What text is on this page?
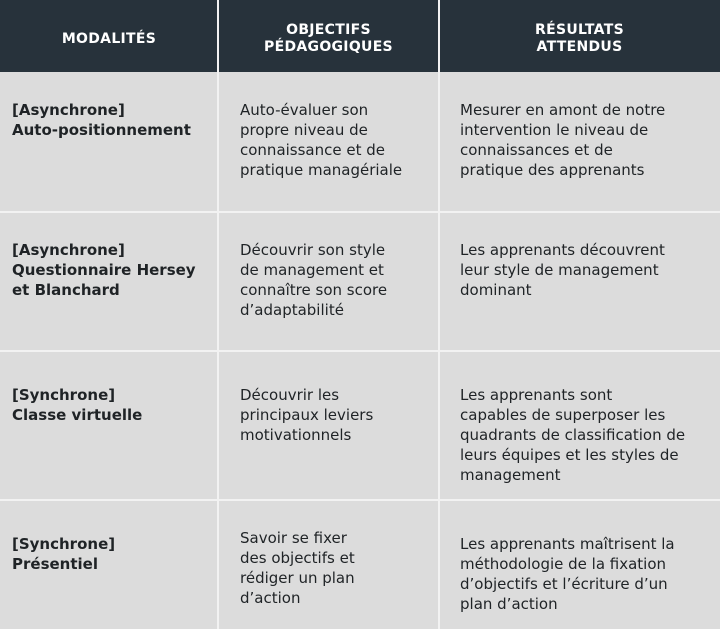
MODALITÉS
OBJECTIFS
PÉDAGOGIQUES
RÉSULTATS
ATTENDUS
[Asynchrone]
Auto-positionnement
Auto-évaluer son
propre niveau de
connaissance et de
pratique managériale
Mesurer en amont de notre
intervention le niveau de
connaissances et de
pratique des apprenants
[Asynchrone]
Questionnaire Hersey
et Blanchard
Découvrir son style
de management et
connaître son score
d’adaptabilité
Les apprenants découvrent
leur style de management
dominant
[Synchrone]
Classe virtuelle
Découvrir les
principaux leviers
motivationnels
Les apprenants sont
capables de superposer les
quadrants de classification de
leurs équipes et les styles de
management
[Synchrone]
Présentiel
Savoir se fixer
des objectifs et
rédiger un plan
d’action
Les apprenants maîtrisent la
méthodologie de la fixation
d’objectifs et l’écriture d’un
plan d’action
